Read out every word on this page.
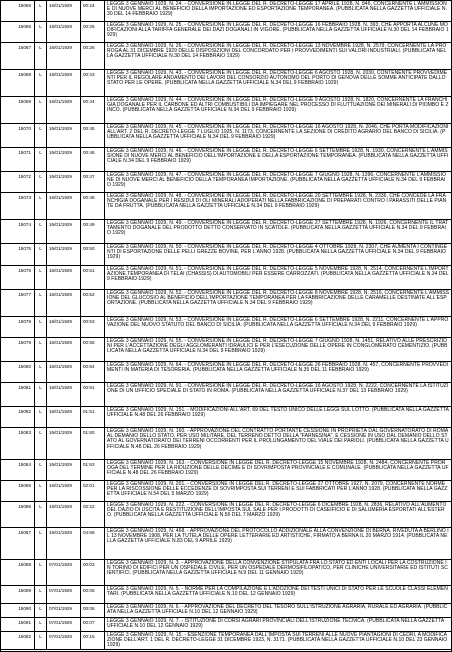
15065	L	16/01/1929	00:24	LEGGE 3 GENNAIO 1929, N. 24. - CONVERSIONE IN LEGGE DEL R. DECRETO-LEGGE 17 APRILE 1928, N. 846, CONCERNENTE L'AMMISSIONE DI NUOVE MERCI AL BENEFICIO DELLA IMPORTAZIONE ED ESPORTAZIONE TEMPORANEA. (PUBBLICATA NELLA GAZZETTA UFFICIALE N.30 DEL 14 FEBBRAIO 1929)
15066	L	16/01/1929	00:25	LEGGE 3 GENNAIO 1929, N. 25. - CONVERSIONE IN LEGGE DEL R. DECRETO-LEGGE 16 FEBBRAIO 1928, N. 393, CHE APPORTA ALCUNE MODIFICAZIONI ALLA TARIFFA GENERALE DEI DAZI DOGANALI IN VIGORE. (PUBBLICATA NELLA GAZZETTA UFFICIALE N.30 DEL 14 FEBBRAIO 1929)
15067	L	16/01/1929	00:26	LEGGE 3 GENNAIO 1929, N. 26. - CONVERSIONE IN LEGGE DEL R. DECRETO-LEGGE 13 NOVEMBRE 1928, N. 2579, CONCERNENTE LA PROROGA AL 31 DICEMBRE 1929 DELLE DISPOSIZIONI DEL CONCORDATO PER I PROVVEDIMENTI SUI VALORI INDUSTRIALI. (PUBBLICATA NELLA GAZZETTA UFFICIALE N.30 DEL 14 FEBBRAIO 1929)
15068	L	16/01/1929	00:43	LEGGE 3 GENNAIO 1929, N. 43. - CONVERSIONE IN LEGGE DEL R. DECRETO-LEGGE 6 AGOSTO 1928, N. 2030, CONTENENTE PROVVEDIMENTI PER IL REGOLARE ANDAMENTO DEI LAVORI DEL CONSORZIO AUTONOMO DEL PORTO DI GENOVA DELLE SOMME ANTICIPATE DALLO STATO PER LE OPERE. (PUBBLICATA NELLA GAZZETTA UFFICIALE N.34 DEL 9 FEBBRAIO 1929)
15069	L	16/01/1929	00:44	LEGGE 3 GENNAIO 1929, N. 44. - CONVERSIONE IN LEGGE DEL R. DECRETO-LEGGE 9 AGOSTO 1928, N. 1820, CONCERNENTE LA FRANCHIGIA DOGANALE PER IL CARBONE ED ALTRI COMBUSTIBILI DA IMPIEGARE NEL PROCESSO DI FLUTTUAZIONE DEI MINERALI DI PIOMBO E ZINCO. (PUBBLICATA NELLA GAZZETTA UFFICIALE N.34 DEL 9 FEBBRAIO 1929)
15070	L	16/01/1929	00:45	LEGGE 3 GENNAIO 1929, N. 45. - CONVERSIONE IN LEGGE DEL R. DECRETO-LEGGE 16 AGOSTO 1928, N. 2046, CHE PORTA MODIFICAZIONI ALL'ART. 2 DEL R. DECRETO-LEGGE 7 LUGLIO 1925, N. 1173, CONCERNENTE LA SEZIONE DI CREDITO AGRARIO DEL BANCO DI SICILIA. (PUBBLICATA NELLA GAZZETTA UFFICIALE N.34 DEL 9 FEBBRAIO 1929)
15071	L	16/01/1929	00:46	LEGGE 3 GENNAIO 1929, N. 46. - CONVERSIONE IN LEGGE DEL R. DECRETO-LEGGE 6 SETTEMBRE 1928, N. 1930, CONCERNENTE L'AMMISSIONE DI NUOVE MERCI AL BENEFICIO DELL'IMPORTAZIONE E DELLA ESPORTAZIONE TEMPORANEA. (PUBBLICATA NELLA GAZZETTA UFFICIALE N.34 DEL 9 FEBBRAIO 1929)
15072	L	16/01/1929	00:47	LEGGE 3 GENNAIO 1929, N. 47. - CONVERSIONE IN LEGGE DEL R. DECRETO-LEGGE 7 GIUGNO 1928, N. 1396, CONCERNENTE L'AMMISSIONE DI NUOVE MERCI AL BENEFICIO DELLA TEMPORANEA IMPORTAZIONE. (PUBBLICATA NELLA GAZZETTA UFFICIALE N.34 DEL 9 FEBBRAIO 1929)
15073	L	16/01/1929	00:48	LEGGE 3 GENNAIO 1929, N. 48. - CONVERSIONE IN LEGGE DEL R. DECRETO-LEGGE 20 SETTEMBRE 1928, N. 2336, CHE CONCEDE LA FRANCHIGIA DOGANALE PER I RESIDUI DI OLI MINERALI ADOPERATI NELLA FABBRICAZIONE DI PREPARATI CONTRO I PARASSITI DELLE PIANTE DA FRUTTA. (PUBBLICATA NELLA GAZZETTA UFFICIALE N.34 DEL 9 FEBBRAIO 1929)
15074	L	16/01/1929	00:49	LEGGE 3 GENNAIO 1929, N. 49. - CONVERSIONE IN LEGGE DEL R. DECRETO-LEGGE 27 SETTEMBRE 1928, N. 1926, CONCERNENTE IL TRATTAMENTO DOGANALE DEL PRODOTTO DETTO CONSERVATO IN SCATOLE. (PUBBLICATA NELLA GAZZETTA UFFICIALE N.34 DEL 9 FEBBRAIO 1929)
15075	L	16/01/1929	00:50	LEGGE 3 GENNAIO 1929, N. 50. - CONVERSIONE IN LEGGE DEL R. DECRETO-LEGGE 4 OTTOBRE 1928, N. 2307, CHE AUMENTA I CONTINGENTI DI ESPORTAZIONE DELLE PELLI GREZZE BOVINE, PER L'ANNO 1928. (PUBBLICATA NELLA GAZZETTA UFFICIALE N.34 DEL 9 FEBBRAIO 1929)
15076	L	16/01/1929	00:51	LEGGE 3 GENNAIO 1929, N. 51. - CONVERSIONE IN LEGGE DEL R. DECRETO-LEGGE 5 NOVEMBRE 1928, N. 2514, CONCERNENTE L'IMPORTAZIONE TEMPORANEA DI TELAI (CHASSIS) DI AUTOMOBILI PER ESSERE CARROZZATI. (PUBBLICATA NELLA GAZZETTA UFFICIALE N.34 DEL 9 FEBBRAIO 1929)
15077	L	16/01/1929	00:52	LEGGE 3 GENNAIO 1929, N. 52. - CONVERSIONE IN LEGGE DEL R. DECRETO-LEGGE 8 NOVEMBRE 1928, N. 2516, CONCERNENTE L'AMMISSIONE DEL GLUCOSIO AL BENEFICIO DELL'IMPORTAZIONE TEMPORANEA PER LA FABBRICAZIONE DELLE CARAMELLE DESTINATE ALL'ESPORTAZIONE. (PUBBLICATA NELLA GAZZETTA UFFICIALE N.34 DEL 9 FEBBRAIO 1929)
15078	L	16/01/1929	00:53	LEGGE 3 GENNAIO 1929, N. 53. - CONVERSIONE IN LEGGE DEL R. DECRETO-LEGGE 6 SETTEMBRE 1928, N. 2211, CONCERNENTE L'APPROVAZIONE DEL NUOVO STATUTO DEL BANCO DI SICILIA. (PUBBLICATA NELLA GAZZETTA UFFICIALE N.34 DEL 9 FEBBRAIO 1929)
15079	L	16/01/1929	00:55	LEGGE 3 GENNAIO 1929, N. 55. - CONVERSIONE IN LEGGE DEL R. DECRETO-LEGGE 7 GIUGNO 1928, N. 1451, RELATIVO ALLE PRESCRIZIONI PER L'ACCETTAZIONE DEGLI AGGLOMERANTI IDRAULICI E PER L'ESECUZIONE DELLE OPERE IN CONGLOMERATO CEMENTIZIO. (PUBBLICATA NELLA GAZZETTA UFFICIALE N.34 DEL 9 FEBBRAIO 1929)
15080	L	16/01/1929	00:64	LEGGE 3 GENNAIO 1929, N. 64. - CONVERSIONE IN LEGGE DEL R. DECRETO-LEGGE 26 FEBBRAIO 1928, N. 457, CONCERNENTE PROVVEDIMENTI IN MATERIA DI TESORERIA. (PUBBLICATA NELLA GAZZETTA UFFICIALE N.35 DEL 11 FEBBRAIO 1929)
15081	L	16/01/1929	00:91	LEGGE 3 GENNAIO 1929, N. 91. - CONVERSIONE IN LEGGE DEL R. DECRETO-LEGGE 16 AGOSTO 1928, N. 2222, CONCERNENTE LA ISTITUZIONE DI UN UFFICIO SPECIALE DI STATO IN ROMA. (PUBBLICATA NELLA GAZZETTA UFFICIALE N.37 DEL 13 FEBBRAIO 1929)
15082	L	16/01/1929	01:51	LEGGE 3 GENNAIO 1929, N. 151. - MODIFICAZIONI ALL'ART. 69 DEL TESTO UNICO DELLE LEGGI SUL LOTTO. (PUBBLICATA NELLA GAZZETTA UFFICIALE N.48 DEL 26 FEBBRAIO 1929)
15083	L	16/01/1929	01:60	LEGGE 3 GENNAIO 1929, N. 160. - APPROVAZIONE DEL CONTRATTO PORTANTE CESSIONE IN PROPRIETÀ DAL GOVERNATORATO DI ROMA AL DEMANIO DELLO STATO, PER USO MILITARE, DEL TERRENO DETTO DELLA "FARNESINA", E CESSIONE IN USO DAL DEMANIO DELLO STATO AL GOVERNATORATO DEI TERRENI OCCORRENTI PER IL PROLUNGAMENTO DEL VIALE DEI PARIOLI. (PUBBLICATA NELLA GAZZETTA UFFICIALE N.48 DEL 26 FEBBRAIO 1929)
15084	L	16/01/1929	01:63	LEGGE 3 GENNAIO 1929, N. 163. - CONVERSIONE IN LEGGE DEL R. DECRETO-LEGGE 15 NOVEMBRE 1928, N. 2484, CONCERNENTE PROROGA DEL TERMINE PER LA RIDUZIONE DELLE DECIME E DI SOVRIMPOSTA PROVINCIALE E COMUNALE. (PUBBLICATA NELLA GAZZETTA UFFICIALE N.48 DEL 26 FEBBRAIO 1929)
15085	L	16/01/1929	02:01	LEGGE 3 GENNAIO 1929, N. 201. - CONVERSIONE IN LEGGE DEL R. DECRETO-LEGGE 27 OTTOBRE 1927, N. 2079, CONCERNENTE NORME PER LA RISCOSSIONE DELLE ECCEDENZE DI SOVRIMPOSTA SUI TERRENI E SUI FABBRICATI PER L'ANNO 1928. (PUBBLICATA NELLA GAZZETTA UFFICIALE N.54 DEL 5 MARZO 1929)
15086	L	16/01/1929	02:22	LEGGE 3 GENNAIO 1929, N. 222. - CONVERSIONE IN LEGGE DEL R. DECRETO-LEGGE 6 DICEMBRE 1928, N. 2836, RELATIVO ALL'AUMENTO DEL DAZIO DI USCITA E RESTITUZIONE DELL'IMPOSTA SUL SALE PER I PRODOTTI DI CASEIFICIO E DI SALUMERIA ESPORTATI ALL'ESTERO. (PUBBLICATA NELLA GAZZETTA UFFICIALE N.56 DEL 7 MARZO 1929)
15087	L	16/01/1929	04:68	LEGGE 3 GENNAIO 1929, N. 468. - APPROVAZIONE DEL PROTOCOLLO ADDIZIONALE ALLA CONVENZIONE DI BERNA, RIVEDUTA A BERLINO IL 13 NOVEMBRE 1908, PER LA TUTELA DELLE OPERE LETTERARIE ED ARTISTICHE, FIRMATO A BERNA IL 20 MARZO 1914. (PUBBLICATA NELLA GAZZETTA UFFICIALE N.83 DEL 9 APRILE 1929)
15088	L	07/01/1929	00:03	LEGGE 3 GENNAIO 1929, N. 3. - APPROVAZIONE DELLA CONVENZIONE STIPULATA FRA LO STATO ED ENTI LOCALI PER LA COSTRUZIONE IN TORINO DI EDIFICI PER UN OSPEDALE CIVILE, PER UN OSPEDALE DERMOSIFILOPATICO, PER CLINICHE UNIVERSITARIE ED ISTITUTI SCIENTIFICI. (PUBBLICATA NELLA GAZZETTA UFFICIALE N.9 DEL 11 GENNAIO 1929)
15089	L	07/01/1929	00:05	LEGGE 3 GENNAIO 1929, N. 5. - NORME PER LA COMPILAZIONE E L'ADOZIONE DEI TESTI UNICI DI STATO PER LE SCUOLE CLASSI ELEMENTARI. (PUBBLICATA NELLA GAZZETTA UFFICIALE N.10 DEL 12 GENNAIO 1929)
15090	L	07/01/1929	00:06	LEGGE 3 GENNAIO 1929, N. 6. - APPROVAZIONE DEL DECRETO DEL TESORO SULL'ISTRUZIONE AGRARIA, RURALE ED AGRARIA. (PUBBLICATA NELLA GAZZETTA UFFICIALE N.10 DEL 12 GENNAIO 1929)
15091	L	07/01/1929	00:07	LEGGE 3 GENNAIO 1929, N. 7. - ISTITUZIONE DI CORSI AGRARI PROVINCIALI DELL'ISTRUZIONE TECNICA. (PUBBLICATA NELLA GAZZETTA UFFICIALE N.10 DEL 12 GENNAIO 1929)
15092	L	07/01/1929	00:15	LEGGE 3 GENNAIO 1929, N. 15. - ESENZIONE TEMPORANEA DALL'IMPOSTA SUI TERRENI ALLE NUOVE PIANTAGIONI DI CEDRI, A MODIFICAZIONE DELL'ART. 1 DEL R. DECRETO-LEGGE 31 DICEMBRE 1923, N. 3171. (PUBBLICATA NELLA GAZZETTA UFFICIALE N.10 DEL 23 GENNAIO 1929)
